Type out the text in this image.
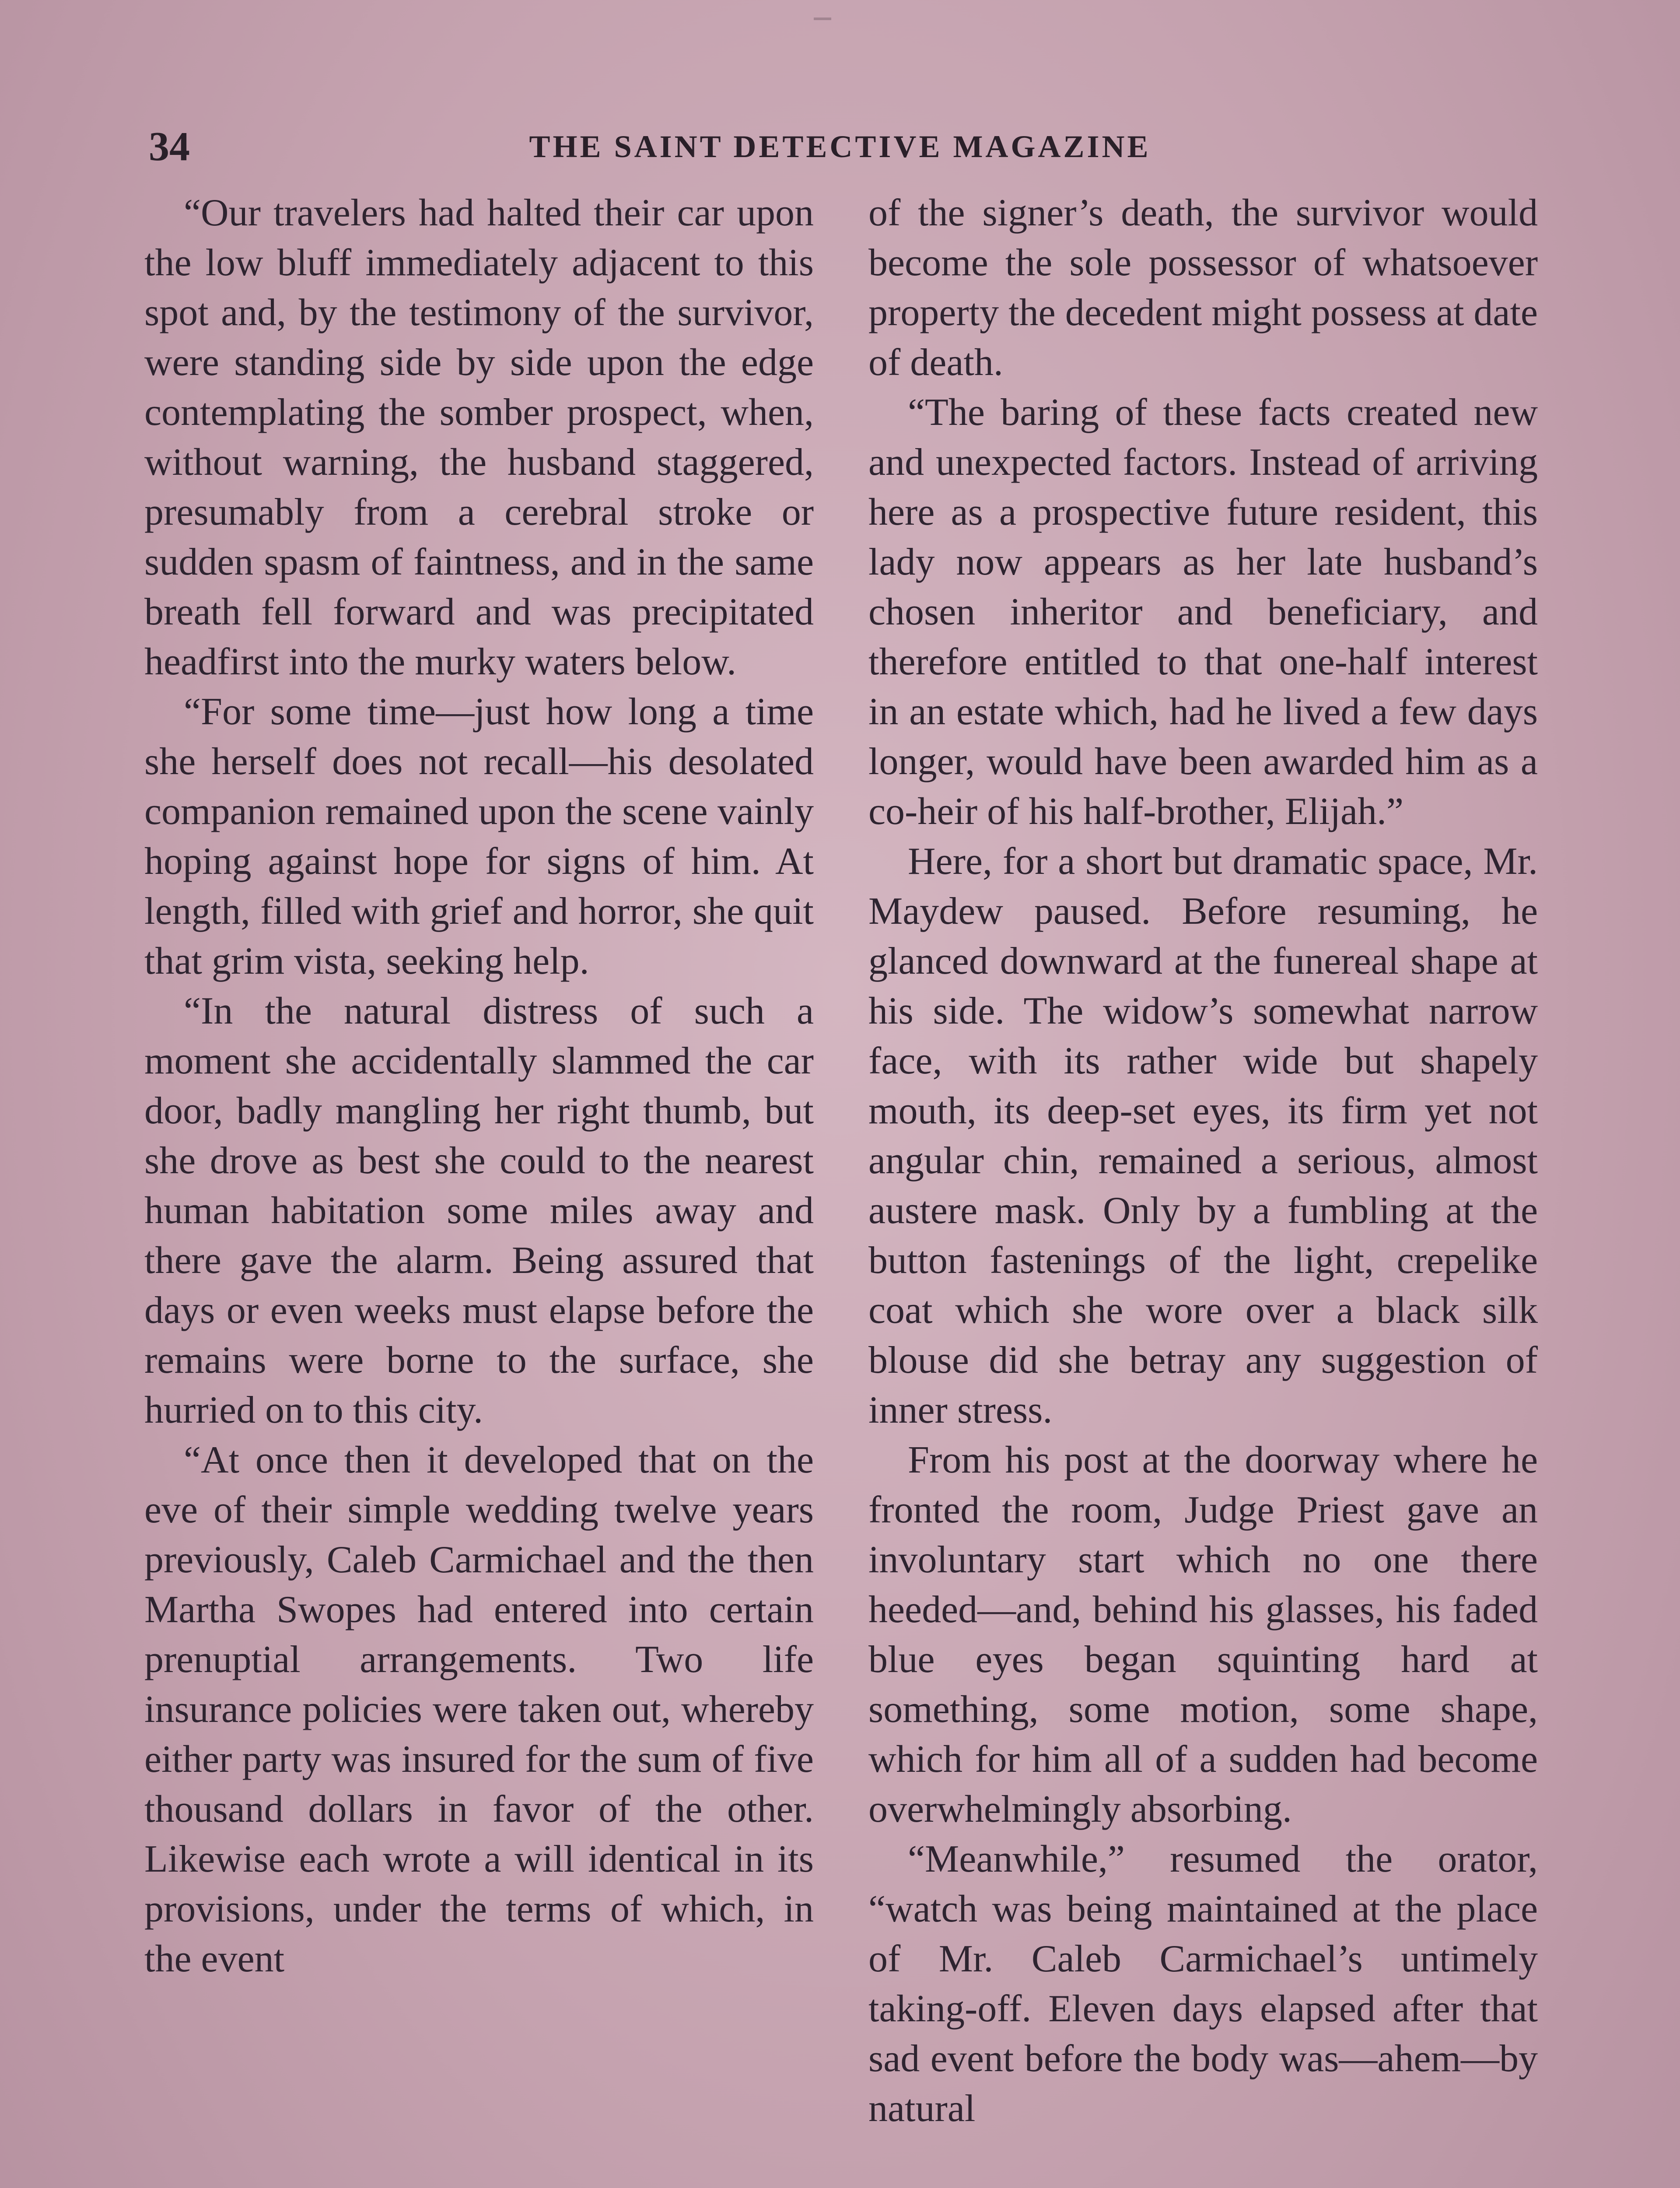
34	THE SAINT DETECTIVE MAGAZINE

“Our travelers had halted their car upon the low bluff immediately adjacent to this spot and, by the testimony of the survivor, were standing side by side upon the edge contemplating the somber prospect, when, without warning, the husband staggered, presumably from a cerebral stroke or sudden spasm of faintness, and in the same breath fell forward and was precipitated headfirst into the murky waters below.

“For some time—just how long a time she herself does not recall—his desolated companion remained upon the scene vainly hoping against hope for signs of him. At length, filled with grief and horror, she quit that grim vista, seeking help.

“In the natural distress of such a moment she accidentally slammed the car door, badly mangling her right thumb, but she drove as best she could to the nearest human habitation some miles away and there gave the alarm. Being assured that days or even weeks must elapse before the remains were borne to the surface, she hurried on to this city.

“At once then it developed that on the eve of their simple wedding twelve years previously, Caleb Carmichael and the then Martha Swopes had entered into certain prenuptial arrangements. Two life insurance policies were taken out, whereby either party was insured for the sum of five thousand dollars in favor of the other. Likewise each wrote a will identical in its provisions, under the terms of which, in the event

of the signer’s death, the survivor would become the sole possessor of whatsoever property the decedent might possess at date of death.

“The baring of these facts created new and unexpected factors. Instead of arriving here as a prospective future resident, this lady now appears as her late husband’s chosen inheritor and beneficiary, and therefore entitled to that one-half interest in an estate which, had he lived a few days longer, would have been awarded him as a co-heir of his half-brother, Elijah.”

Here, for a short but dramatic space, Mr. Maydew paused. Before resuming, he glanced downward at the funereal shape at his side. The widow’s somewhat narrow face, with its rather wide but shapely mouth, its deep-set eyes, its firm yet not angular chin, remained a serious, almost austere mask. Only by a fumbling at the button fastenings of the light, crepelike coat which she wore over a black silk blouse did she betray any suggestion of inner stress.

From his post at the doorway where he fronted the room, Judge Priest gave an involuntary start which no one there heeded—and, behind his glasses, his faded blue eyes began squinting hard at something, some motion, some shape, which for him all of a sudden had become overwhelmingly absorbing.

“Meanwhile,” resumed the orator, “watch was being maintained at the place of Mr. Caleb Carmichael’s untimely taking-off. Eleven days elapsed after that sad event before the body was—ahem—by natural
